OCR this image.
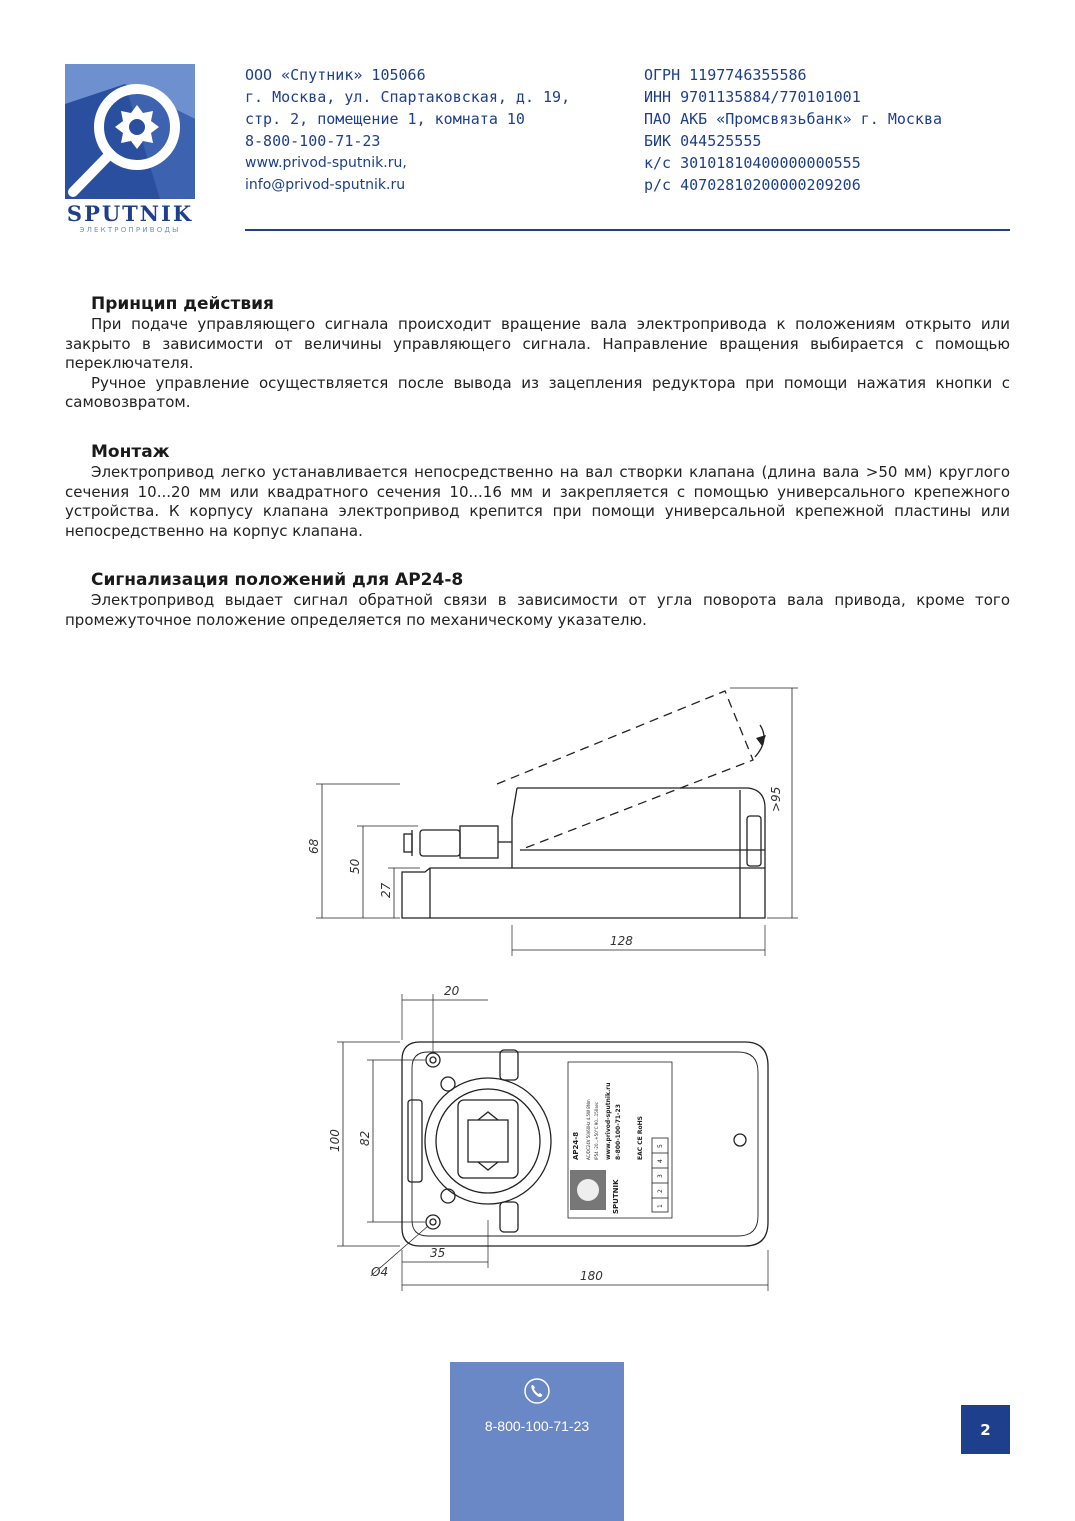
SPUTNIK
ЭЛЕКТРОПРИВОДЫ
ООО «Спутник» 105066
г. Москва, ул. Спартаковская, д. 19,
стр. 2, помещение 1, комната 10
8-800-100-71-23
www.privod-sputnik.ru,
info@privod-sputnik.ru
ОГРН 1197746355586
ИНН 9701135884/770101001
ПАО АКБ «Промсвязьбанк» г. Москва
БИК 044525555
к/с 30101810400000000555
р/с 40702810200000209206
Принцип действия

При подаче управляющего сигнала происходит вращение вала электропривода к положениям открыто или закрыто в зависимости от величины управляющего сигнала. Направление вращения выбирается с помощью переключателя.

Ручное управление осуществляется после вывода из зацепления редуктора при помощи нажатия кнопки с самовозвратом.

Монтаж

Электропривод легко устанавливается непосредственно на вал створки клапана (длина вала >50 мм) круглого сечения 10...20 мм или квадратного сечения 10...16 мм и закрепляется с помощью универсального крепежного устройства. К корпусу клапана электропривод крепится при помощи универсальной крепежной пластины или непосредственно на корпус клапана.

Сигнализация положений для AP24-8

Электропривод выдает сигнал обратной связи в зависимости от угла поворота вала привода, кроме того промежуточное положение определяется по механическому указателю.

68
50
27
>95
128
20
100 82
Ø4
35
180
AP24-8 AC/DC24V 50/60Hz 4.5W 8Nm IP54 -20...+50°C 90...150sec www.privod-sputnik.ru 8-800-100-71-23	EAC CE RoHS
SPUTNIK	1
2
3
4
5
8-800-100-71-23	2
